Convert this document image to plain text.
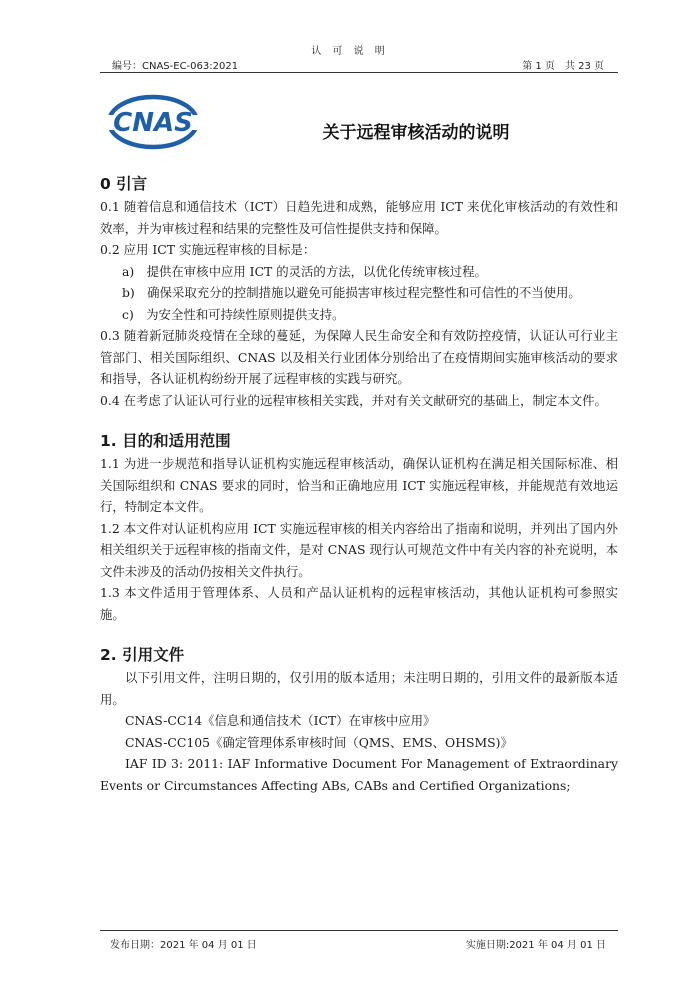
认 可 说 明
编号：CNAS-EC-063:2021	第 1 页　共 23 页
CNAS	关于远程审核活动的说明

0 引言

0.1 随着信息和通信技术（ICT）日趋先进和成熟，能够应用 ICT 来优化审核活动的有效性和效率，并为审核过程和结果的完整性及可信性提供支持和保障。

0.2 应用 ICT 实施远程审核的目标是：

a)　提供在审核中应用 ICT 的灵活的方法，以优化传统审核过程。

b)　确保采取充分的控制措施以避免可能损害审核过程完整性和可信性的不当使用。

c)　为安全性和可持续性原则提供支持。

0.3 随着新冠肺炎疫情在全球的蔓延，为保障人民生命安全和有效防控疫情，认证认可行业主管部门、相关国际组织、CNAS 以及相关行业团体分别给出了在疫情期间实施审核活动的要求和指导，各认证机构纷纷开展了远程审核的实践与研究。

0.4 在考虑了认证认可行业的远程审核相关实践，并对有关文献研究的基础上，制定本文件。

1. 目的和适用范围

1.1 为进一步规范和指导认证机构实施远程审核活动，确保认证机构在满足相关国际标准、相关国际组织和 CNAS 要求的同时，恰当和正确地应用 ICT 实施远程审核，并能规范有效地运行，特制定本文件。

1.2 本文件对认证机构应用 ICT 实施远程审核的相关内容给出了指南和说明，并列出了国内外相关组织关于远程审核的指南文件，是对 CNAS 现行认可规范文件中有关内容的补充说明，本文件未涉及的活动仍按相关文件执行。

1.3 本文件适用于管理体系、人员和产品认证机构的远程审核活动，其他认证机构可参照实施。

2. 引用文件

以下引用文件，注明日期的，仅引用的版本适用；未注明日期的，引用文件的最新版本适用。

CNAS-CC14《信息和通信技术（ICT）在审核中应用》

CNAS-CC105《确定管理体系审核时间（QMS、EMS、OHSMS)》

IAF ID 3: 2011: IAF Informative Document For Management of Extraordinary Events or Circumstances Affecting ABs, CABs and Certified Organizations;

发布日期：2021 年 04 月 01 日	实施日期:2021 年 04 月 01 日
